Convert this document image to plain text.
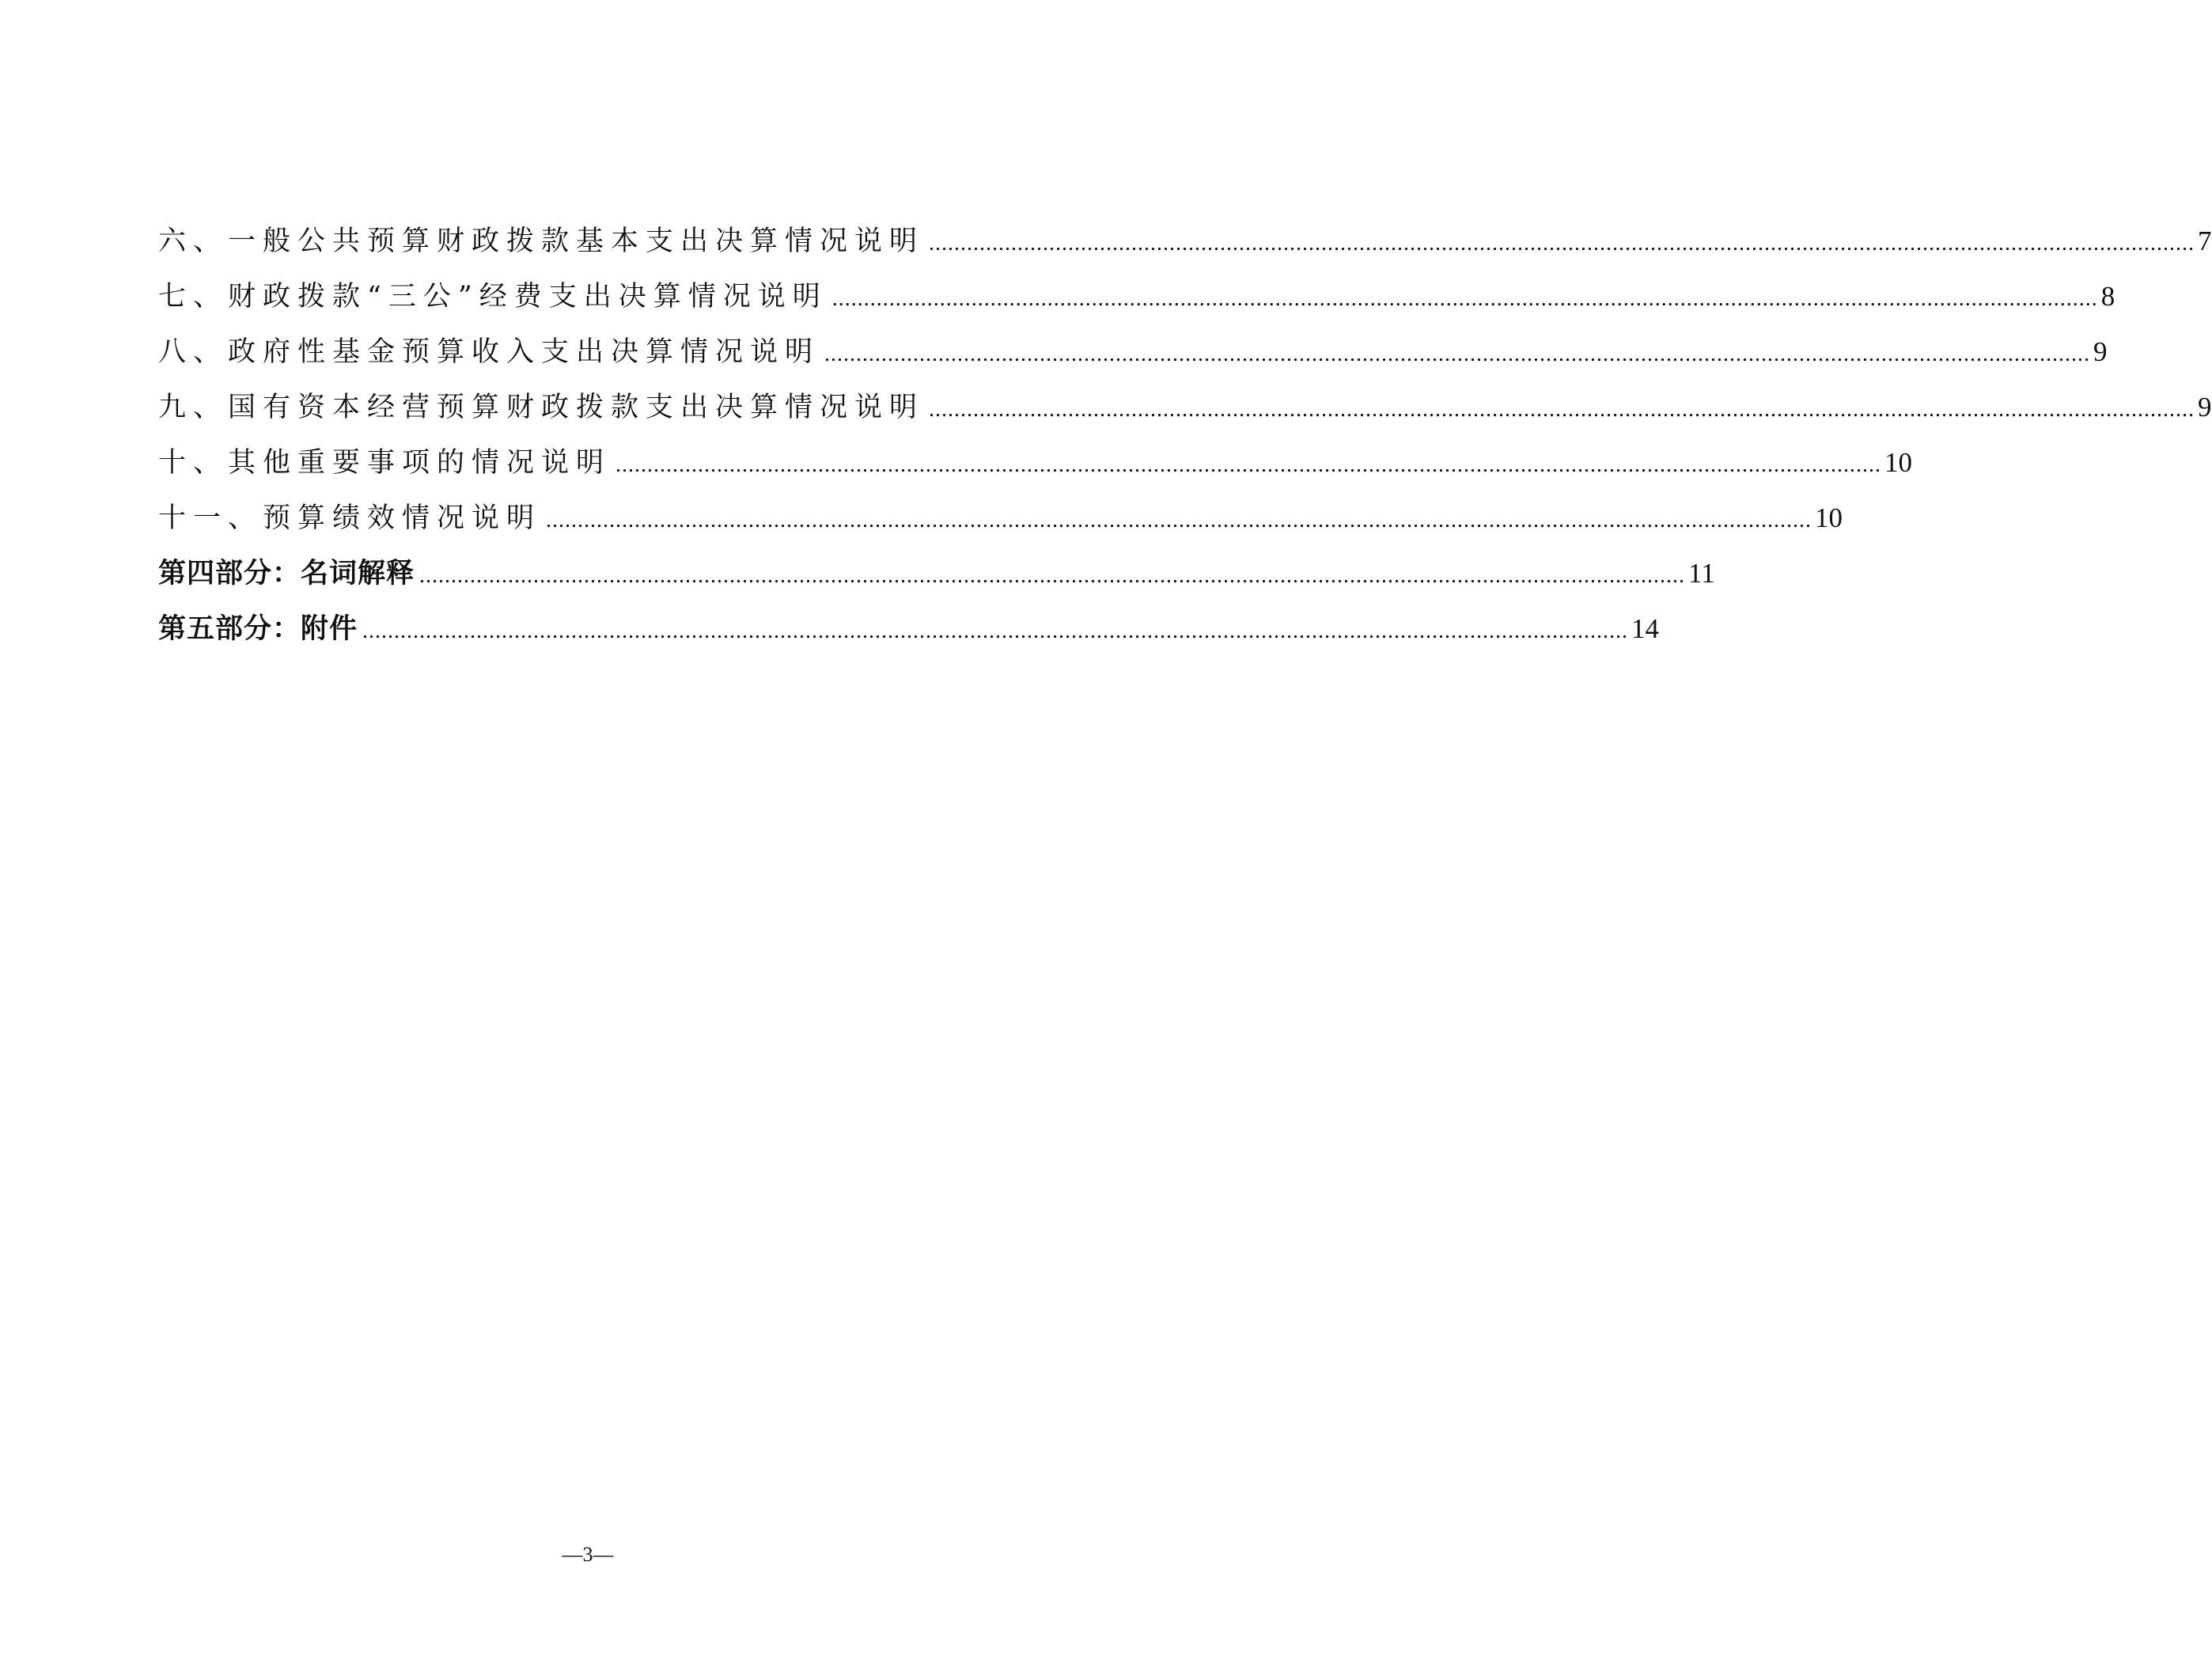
六、一般公共预算财政拨款基本支出决算情况说明 ........................................................................................................................................................................................................ 7
七、财政拨款“三公”经费支出决算情况说明 ........................................................................................................................................................................................................ 8
八、政府性基金预算收入支出决算情况说明 ........................................................................................................................................................................................................ 9
九、国有资本经营预算财政拨款支出决算情况说明 ........................................................................................................................................................................................................ 9
十、其他重要事项的情况说明 ........................................................................................................................................................................................................ 10
十一、预算绩效情况说明 ........................................................................................................................................................................................................ 10
第四部分：名词解释 ........................................................................................................................................................................................................ 11
第五部分：附件 ........................................................................................................................................................................................................ 14
—3—
